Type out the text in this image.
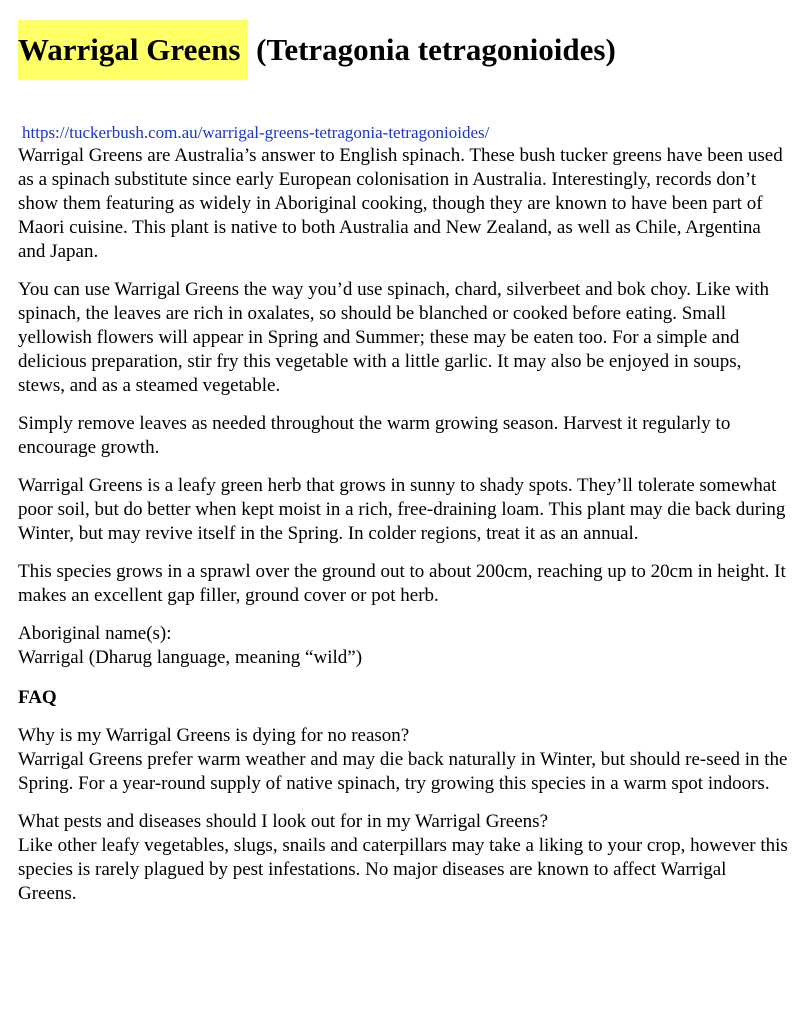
Warrigal Greens (Tetragonia tetragonioides)
https://tuckerbush.com.au/warrigal-greens-tetragonia-tetragonioides/

Warrigal Greens are Australia’s answer to English spinach. These bush tucker greens have been used as a spinach substitute since early European colonisation in Australia. Interestingly, records don’t show them featuring as widely in Aboriginal cooking, though they are known to have been part of Maori cuisine. This plant is native to both Australia and New Zealand, as well as Chile, Argentina and Japan.

You can use Warrigal Greens the way you’d use spinach, chard, silverbeet and bok choy. Like with spinach, the leaves are rich in oxalates, so should be blanched or cooked before eating. Small yellowish flowers will appear in Spring and Summer; these may be eaten too. For a simple and delicious preparation, stir fry this vegetable with a little garlic. It may also be enjoyed in soups, stews, and as a steamed vegetable.

Simply remove leaves as needed throughout the warm growing season. Harvest it regularly to encourage growth.

Warrigal Greens is a leafy green herb that grows in sunny to shady spots. They’ll tolerate somewhat poor soil, but do better when kept moist in a rich, free-draining loam. This plant may die back during Winter, but may revive itself in the Spring. In colder regions, treat it as an annual.

This species grows in a sprawl over the ground out to about 200cm, reaching up to 20cm in height. It makes an excellent gap filler, ground cover or pot herb.

Aboriginal name(s):
Warrigal (Dharug language, meaning “wild”)

FAQ

Why is my Warrigal Greens is dying for no reason?
Warrigal Greens prefer warm weather and may die back naturally in Winter, but should re-seed in the Spring. For a year-round supply of native spinach, try growing this species in a warm spot indoors.

What pests and diseases should I look out for in my Warrigal Greens?
Like other leafy vegetables, slugs, snails and caterpillars may take a liking to your crop, however this species is rarely plagued by pest infestations. No major diseases are known to affect Warrigal Greens.
